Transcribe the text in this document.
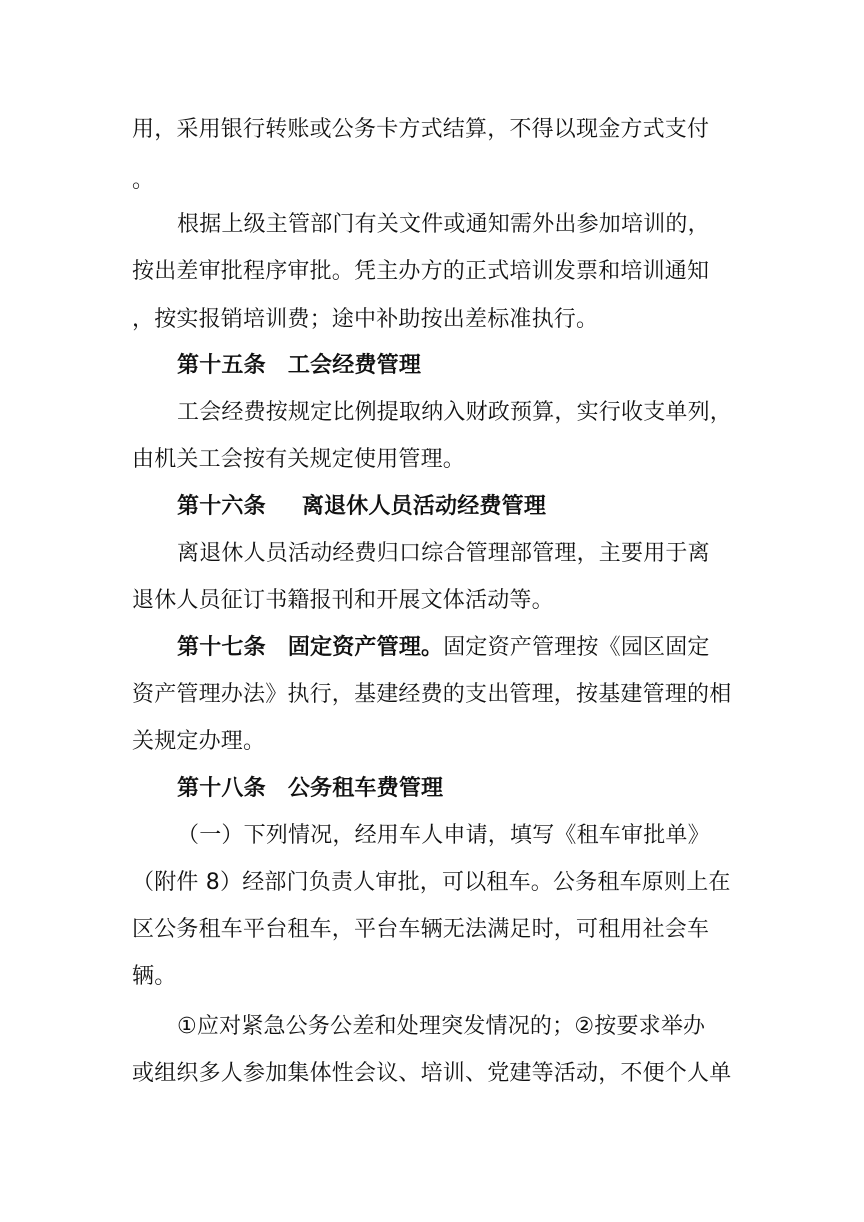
用，采用银行转账或公务卡方式结算，不得以现金方式支付
。
根据上级主管部门有关文件或通知需外出参加培训的，
按出差审批程序审批。凭主办方的正式培训发票和培训通知
，按实报销培训费；途中补助按出差标准执行。
第十五条 工会经费管理
工会经费按规定比例提取纳入财政预算，实行收支单列，
由机关工会按有关规定使用管理。
第十六条 离退休人员活动经费管理
离退休人员活动经费归口综合管理部管理，主要用于离
退休人员征订书籍报刊和开展文体活动等。
第十七条 固定资产管理。固定资产管理按《园区固定
资产管理办法》执行，基建经费的支出管理，按基建管理的相
关规定办理。
第十八条 公务租车费管理
（一）下列情况，经用车人申请，填写《租车审批单》
（附件 8）经部门负责人审批，可以租车。公务租车原则上在
区公务租车平台租车，平台车辆无法满足时，可租用社会车
辆。
①应对紧急公务公差和处理突发情况的；②按要求举办
或组织多人参加集体性会议、培训、党建等活动，不便个人单
